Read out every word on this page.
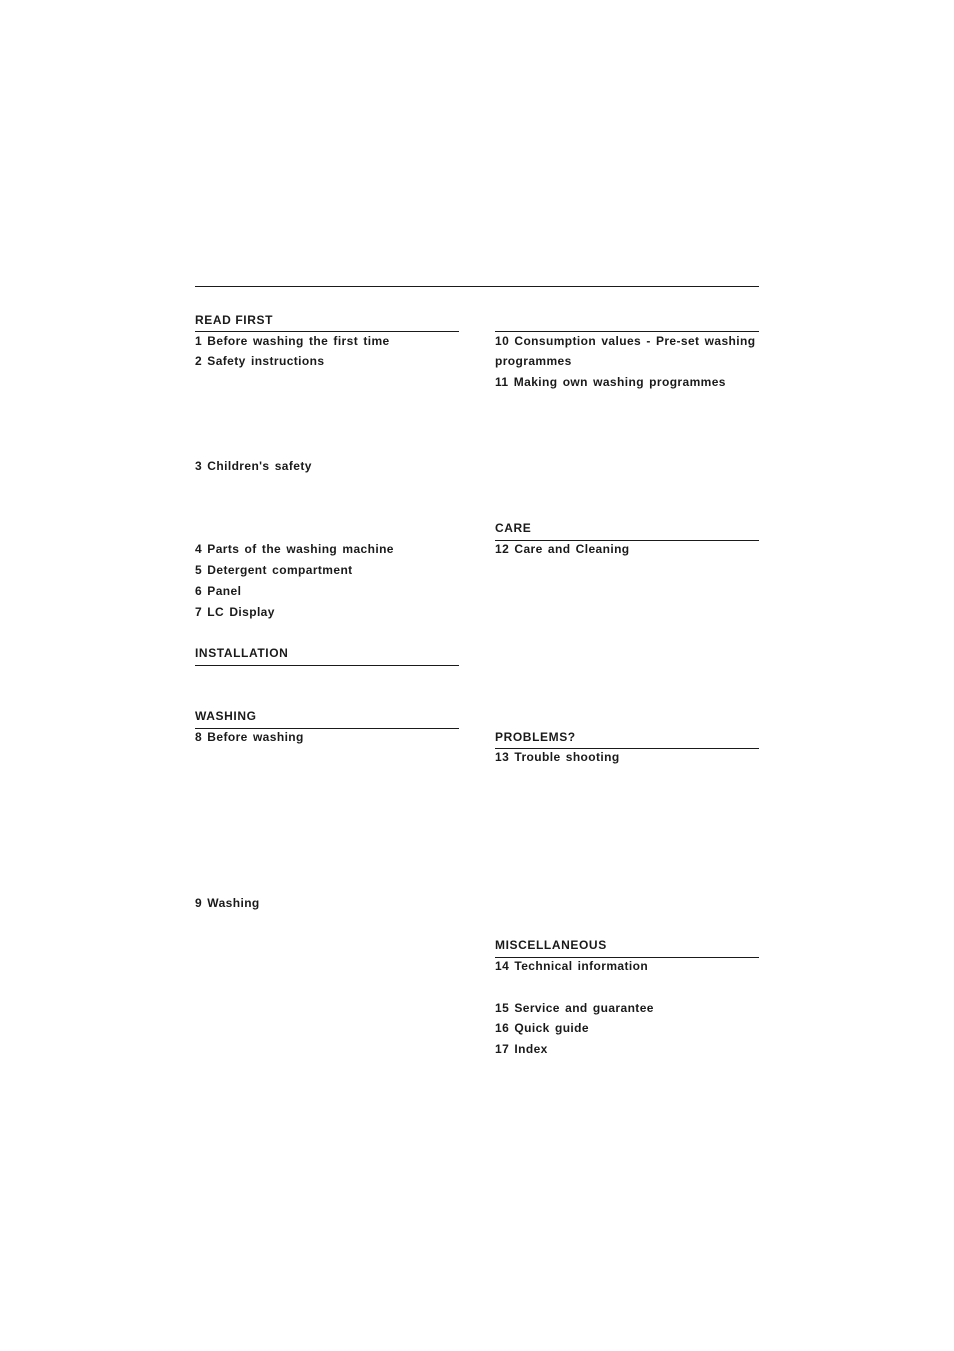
READ FIRST
1 Before washing the first time
2 Safety instructions
3 Children's safety
4 Parts of the washing machine
5 Detergent compartment
6 Panel
7 LC Display
INSTALLATION
WASHING
8 Before washing
9 Washing
10 Consumption values - Pre-set washing
programmes
11 Making own washing programmes
CARE
12 Care and Cleaning
PROBLEMS?
13 Trouble shooting
MISCELLANEOUS
14 Technical information
15 Service and guarantee
16 Quick guide
17 Index
